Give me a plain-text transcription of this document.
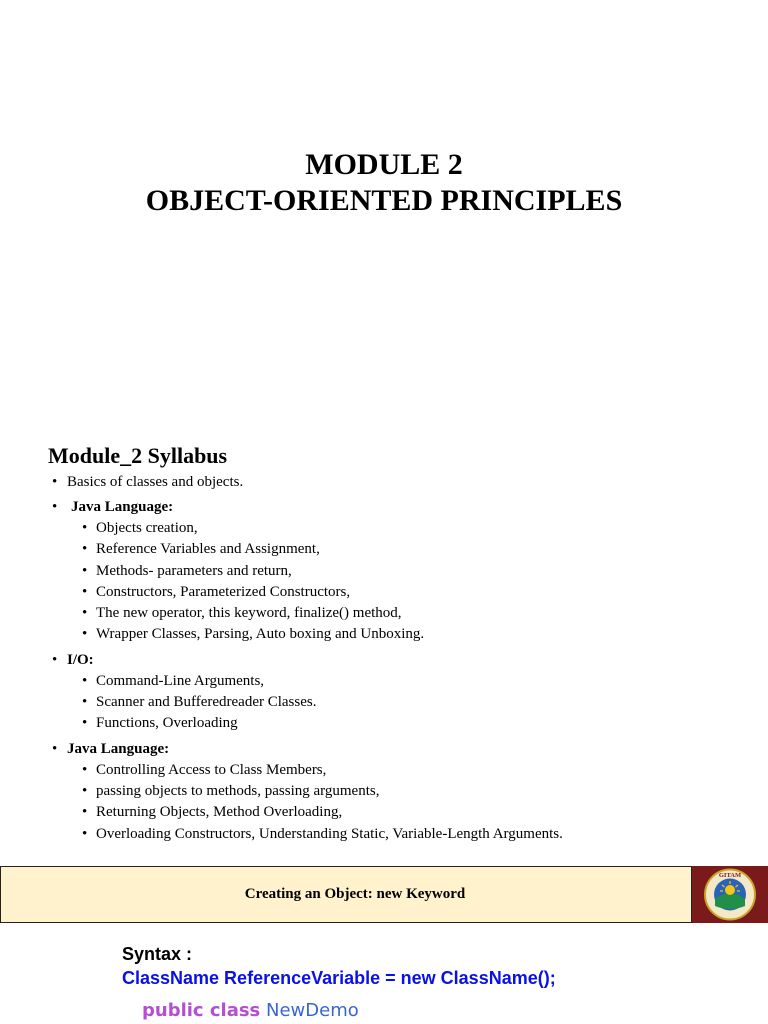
MODULE 2
OBJECT-ORIENTED PRINCIPLES
Module_2 Syllabus
• Basics of classes and objects.
• Java Language:
• Objects creation,
• Reference Variables and Assignment,
• Methods- parameters and return,
• Constructors, Parameterized Constructors,
• The new operator, this keyword, finalize() method,
• Wrapper Classes, Parsing, Auto boxing and Unboxing.
• I/O:
• Command-Line Arguments,
• Scanner and Bufferedreader Classes.
• Functions, Overloading
• Java Language:
• Controlling Access to Class Members,
• passing objects to methods, passing arguments,
• Returning Objects, Method Overloading,
• Overloading Constructors, Understanding Static, Variable-Length Arguments.
Creating an Object: new Keyword
GITAM
Syntax :
ClassName ReferenceVariable = new ClassName();
public class NewDemo
